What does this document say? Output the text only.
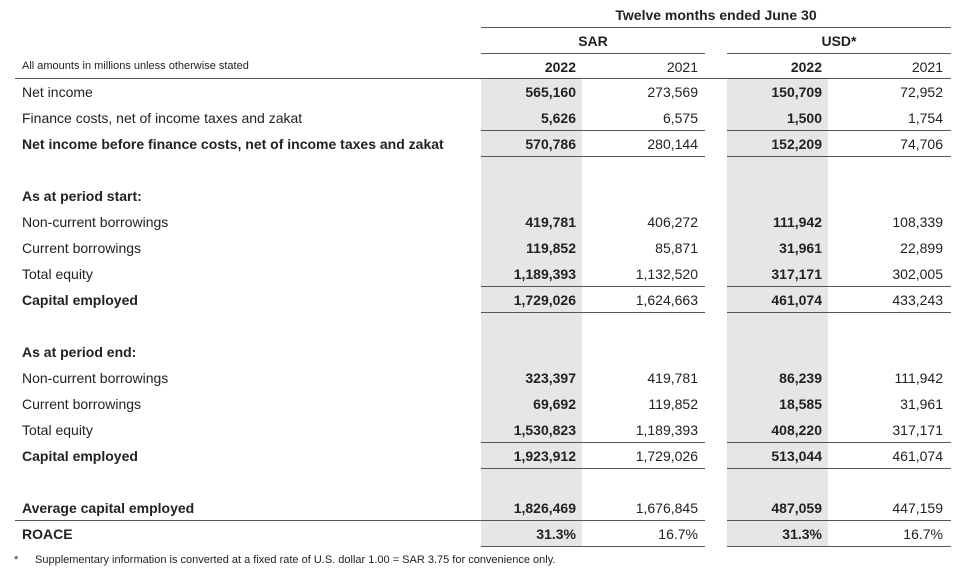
Twelve months ended June 30
SAR	USD*
All amounts in millions unless otherwise stated	2022	2021	2022	2021
Net income	565,160	273,569	150,709	72,952
Finance costs, net of income taxes and zakat	5,626	6,575	1,500	1,754
Net income before finance costs, net of income taxes and zakat	570,786	280,144	152,209	74,706
As at period start:
Non-current borrowings	419,781	406,272	111,942	108,339
Current borrowings	119,852	85,871	31,961	22,899
Total equity	1,189,393	1,132,520	317,171	302,005
Capital employed	1,729,026	1,624,663	461,074	433,243
As at period end:
Non-current borrowings	323,397	419,781	86,239	111,942
Current borrowings	69,692	119,852	18,585	31,961
Total equity	1,530,823	1,189,393	408,220	317,171
Capital employed	1,923,912	1,729,026	513,044	461,074
Average capital employed	1,826,469	1,676,845	487,059	447,159
ROACE	31.3%	16.7%	31.3%	16.7%
* Supplementary information is converted at a fixed rate of U.S. dollar 1.00 = SAR 3.75 for convenience only.
